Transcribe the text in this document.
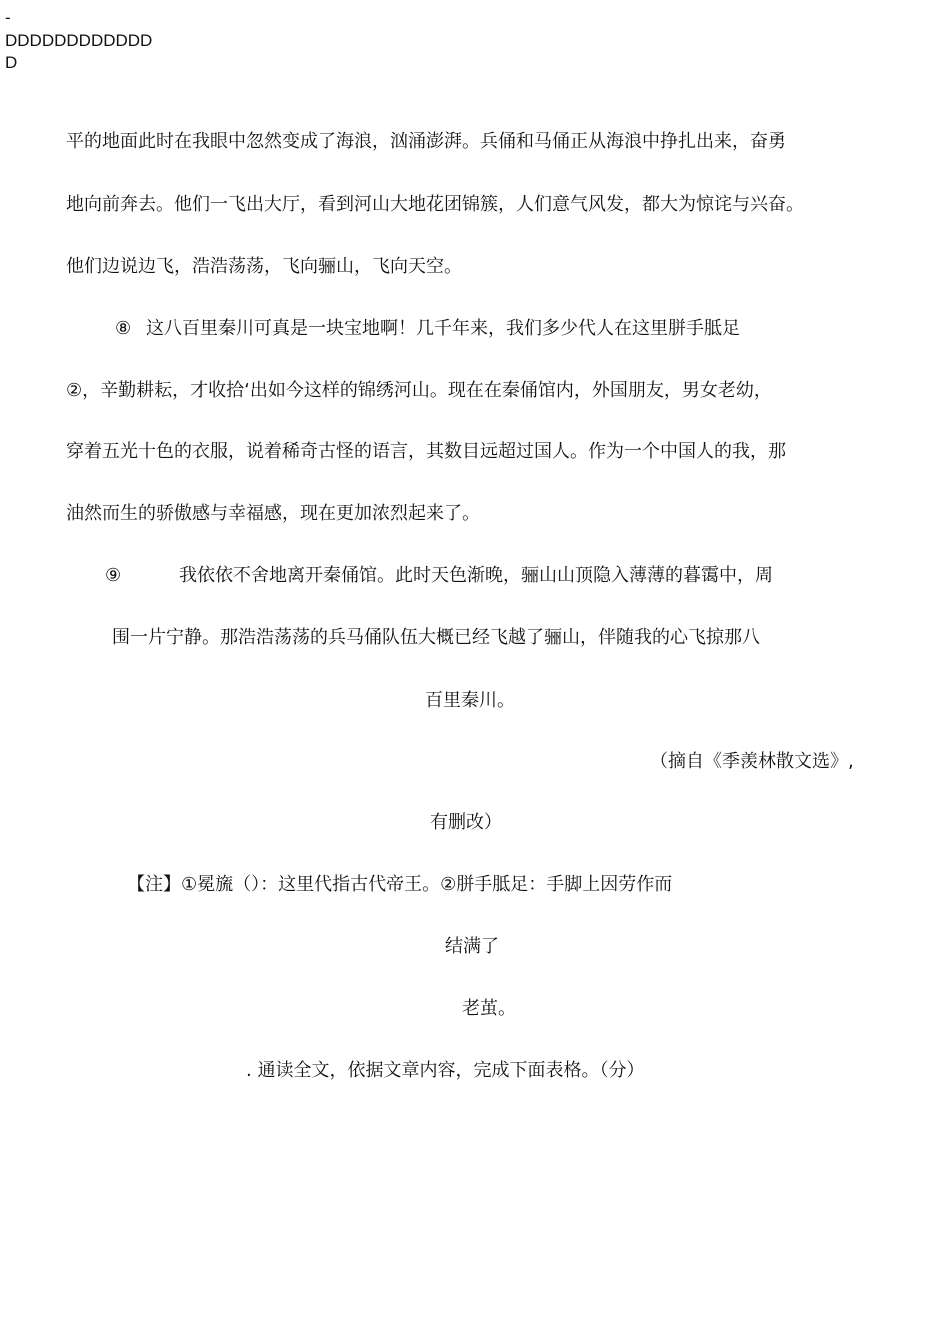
-
DDDDDDDDDDDD
D
平的地面此时在我眼中忽然变成了海浪，汹涌澎湃。兵俑和马俑正从海浪中挣扎出来，奋勇
地向前奔去。他们一飞出大厅，看到河山大地花团锦簇，人们意气风发，都大为惊诧与兴奋。
他们边说边飞，浩浩荡荡，飞向骊山，飞向天空。
⑧ 这八百里秦川可真是一块宝地啊！几千年来，我们多少代人在这里胼手胝足
②，辛勤耕耘，才收拾‘出如今这样的锦绣河山。现在在秦俑馆内，外国朋友，男女老幼，
穿着五光十色的衣服，说着稀奇古怪的语言，其数目远超过国人。作为一个中国人的我，那
油然而生的骄傲感与幸福感，现在更加浓烈起来了。
⑨	我依依不舍地离开秦俑馆。此时天色渐晚，骊山山顶隐入薄薄的暮霭中，周
围一片宁静。那浩浩荡荡的兵马俑队伍大概已经飞越了骊山，伴随我的心飞掠那八
百里秦川。
（摘自《季羡林散文选》,
有删改）
【注】①冕旒（）：这里代指古代帝王。②胼手胝足：手脚上因劳作而
结满了
老茧。
. 通读全文，依据文章内容，完成下面表格。（分）
